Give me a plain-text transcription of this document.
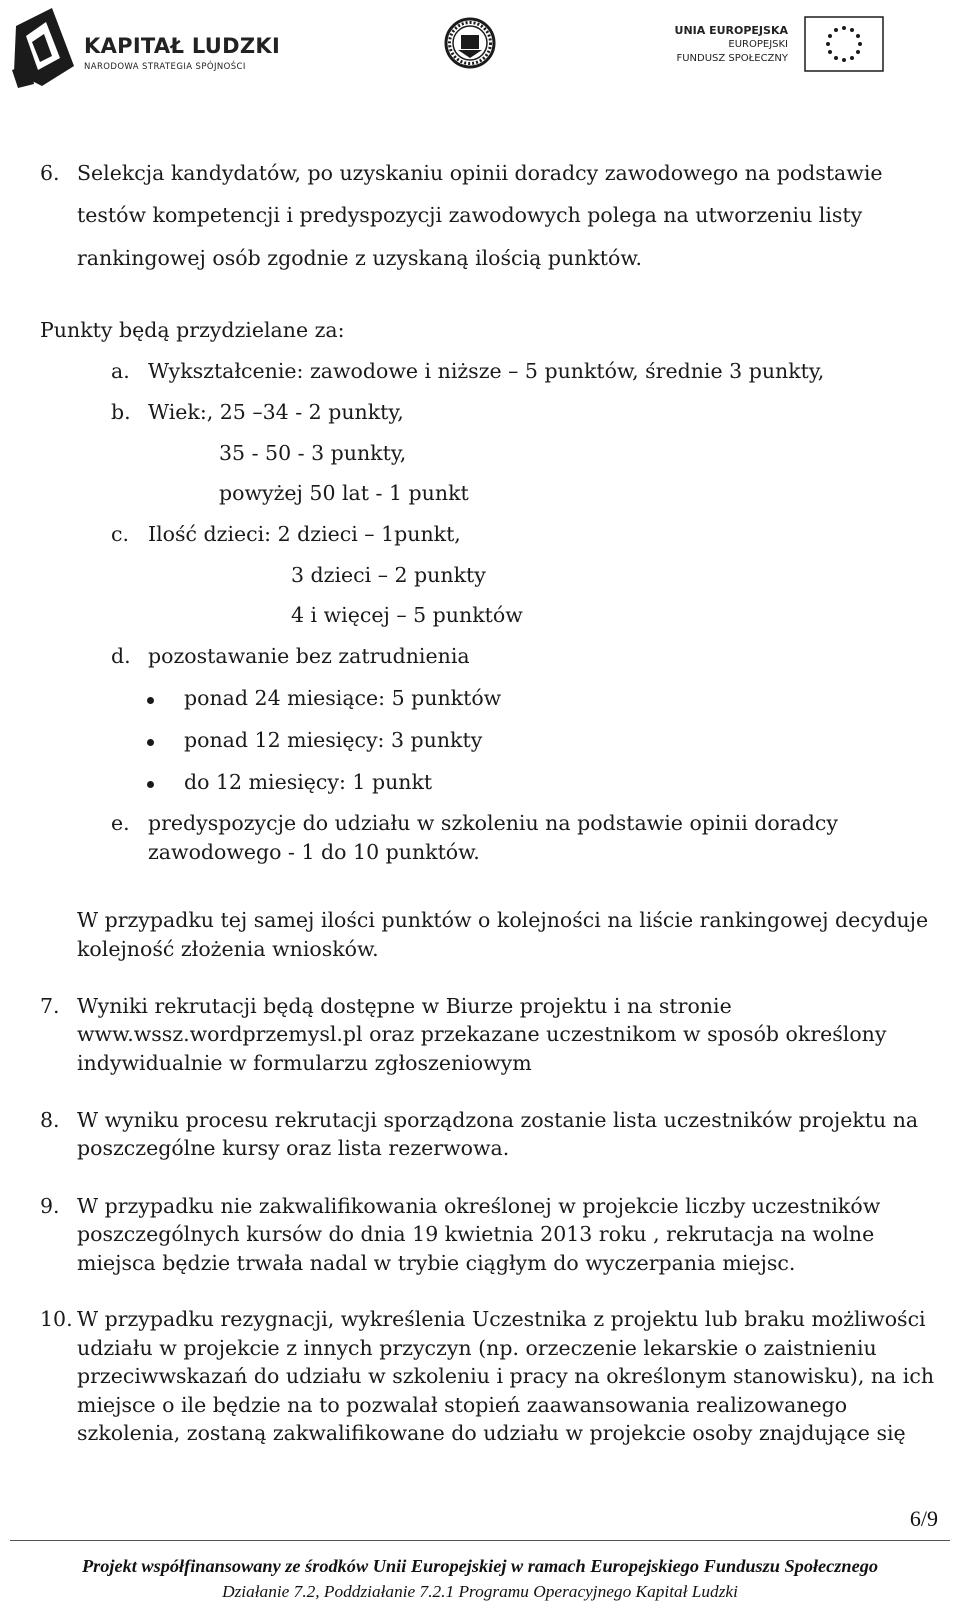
KAPITAŁ LUDZKI
NARODOWA STRATEGIA SPÓJNOŚCI
UNIA EUROPEJSKA
EUROPEJSKI
FUNDUSZ SPOŁECZNY
6. Selekcja kandydatów, po uzyskaniu opinii doradcy zawodowego na podstawie
testów kompetencji i predyspozycji zawodowych polega na utworzeniu listy
rankingowej osób zgodnie z uzyskaną ilością punktów.
Punkty będą przydzielane za:
a. Wykształcenie: zawodowe i niższe – 5 punktów, średnie 3 punkty,
b. Wiek:, 25 –34 - 2 punkty,
35 - 50 - 3 punkty,
powyżej 50 lat - 1 punkt
c. Ilość dzieci: 2 dzieci – 1punkt,
3 dzieci – 2 punkty
4 i więcej – 5 punktów
d. pozostawanie bez zatrudnienia
ponad 24 miesiące: 5 punktów
ponad 12 miesięcy: 3 punkty
do 12 miesięcy: 1 punkt
e. predyspozycje do udziału w szkoleniu na podstawie opinii doradcy
zawodowego - 1 do 10 punktów.
W przypadku tej samej ilości punktów o kolejności na liście rankingowej decyduje
kolejność złożenia wniosków.
7. Wyniki rekrutacji będą dostępne w Biurze projektu i na stronie
www.wssz.wordprzemysl.pl oraz przekazane uczestnikom w sposób określony
indywidualnie w formularzu zgłoszeniowym
8. W wyniku procesu rekrutacji sporządzona zostanie lista uczestników projektu na
poszczególne kursy oraz lista rezerwowa.
9. W przypadku nie zakwalifikowania określonej w projekcie liczby uczestników
poszczególnych kursów do dnia 19 kwietnia 2013 roku , rekrutacja na wolne
miejsca będzie trwała nadal w trybie ciągłym do wyczerpania miejsc.
10. W przypadku rezygnacji, wykreślenia Uczestnika z projektu lub braku możliwości
udziału w projekcie z innych przyczyn (np. orzeczenie lekarskie o zaistnieniu
przeciwwskazań do udziału w szkoleniu i pracy na określonym stanowisku), na ich
miejsce o ile będzie na to pozwalał stopień zaawansowania realizowanego
szkolenia, zostaną zakwalifikowane do udziału w projekcie osoby znajdujące się
6/9
Projekt współfinansowany ze środków Unii Europejskiej w ramach Europejskiego Funduszu Społecznego
Działanie 7.2, Poddziałanie 7.2.1 Programu Operacyjnego Kapitał Ludzki
